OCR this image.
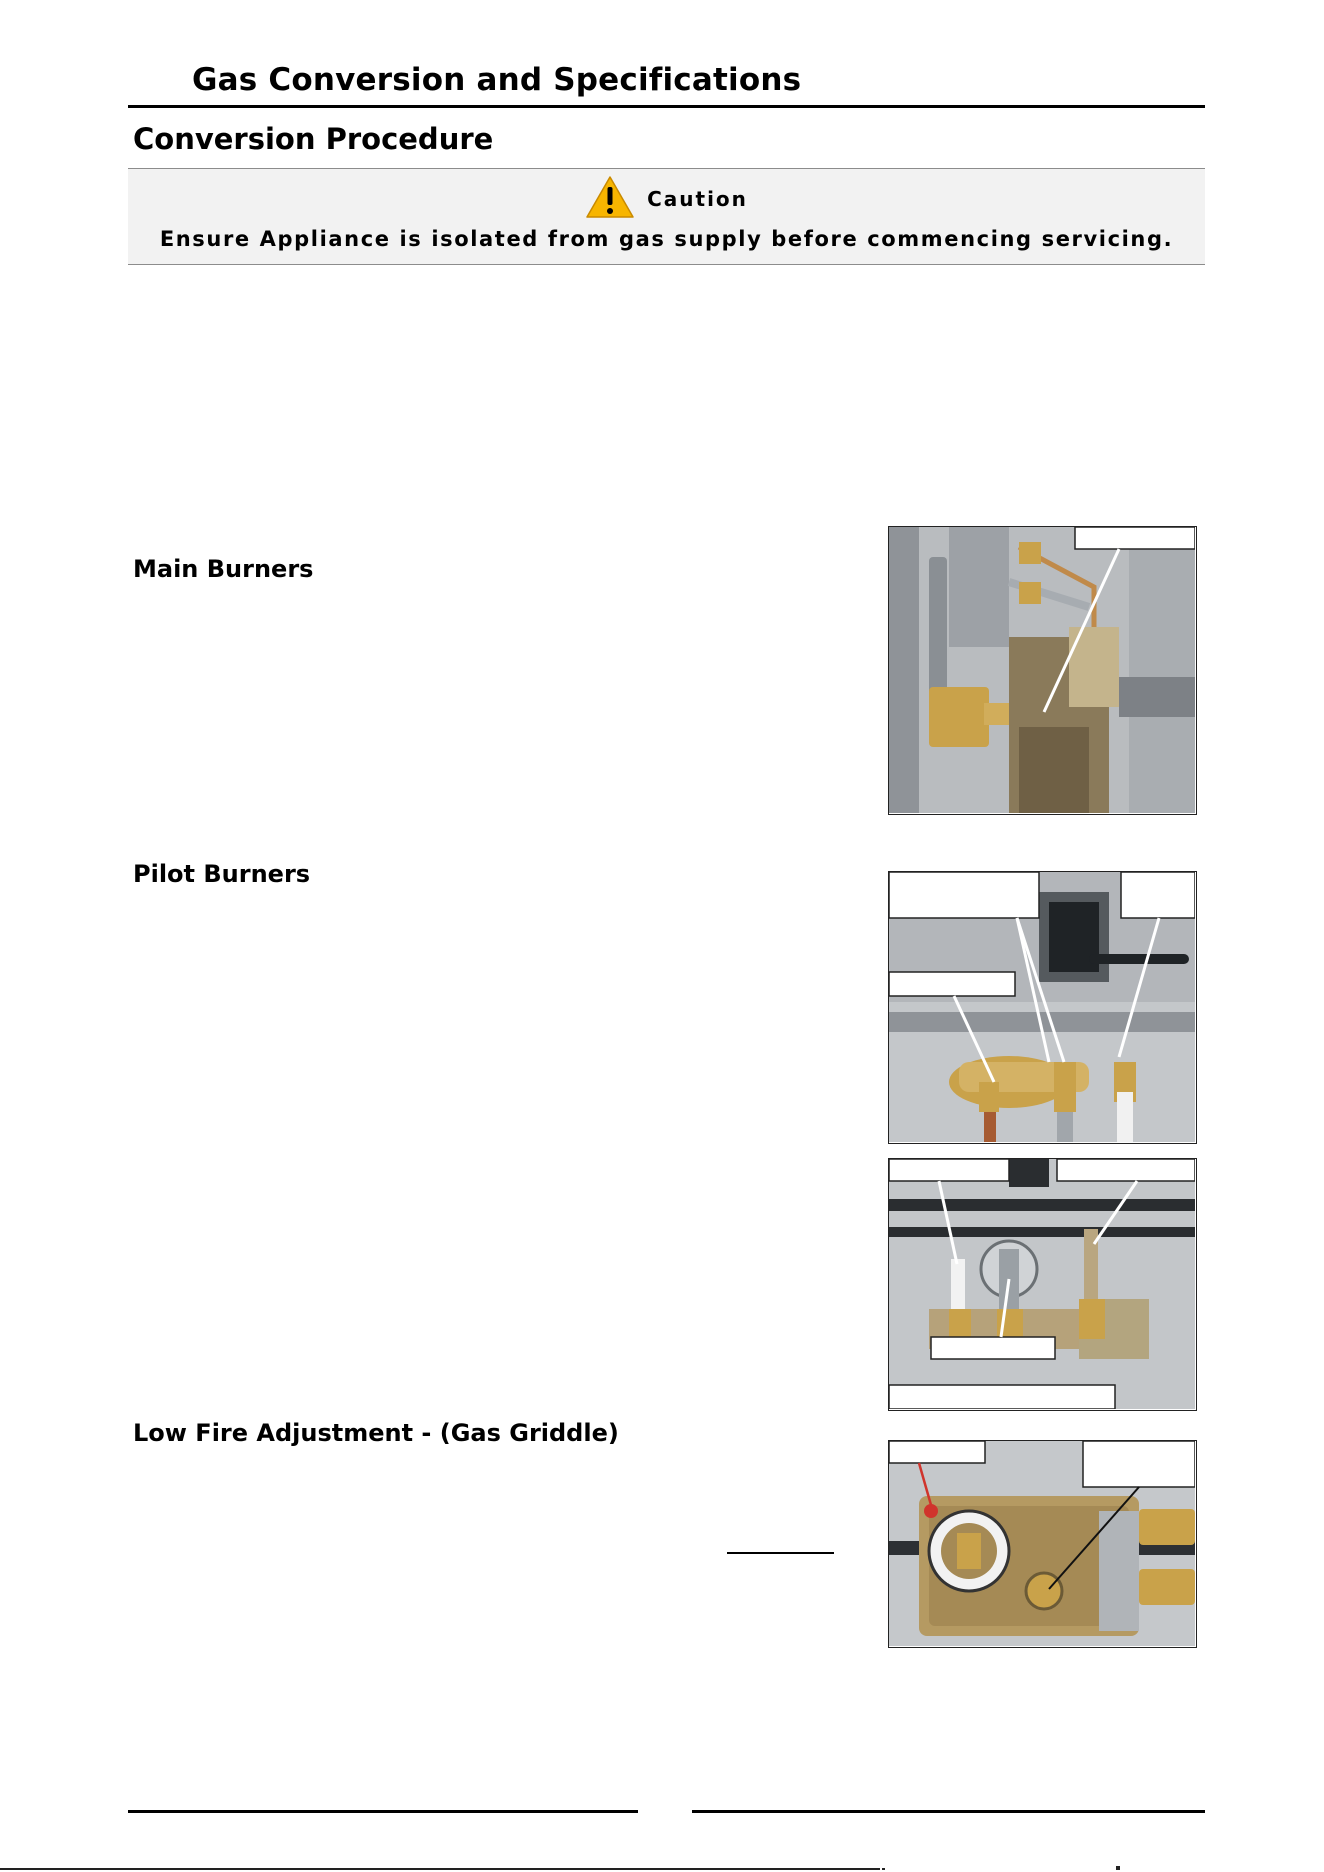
Gas Conversion and Specifications
Conversion Procedure
Caution
Ensure Appliance is isolated from gas supply before commencing servicing.
Main Burners
Pilot Burners
Low Fire Adjustment - (Gas Griddle)
